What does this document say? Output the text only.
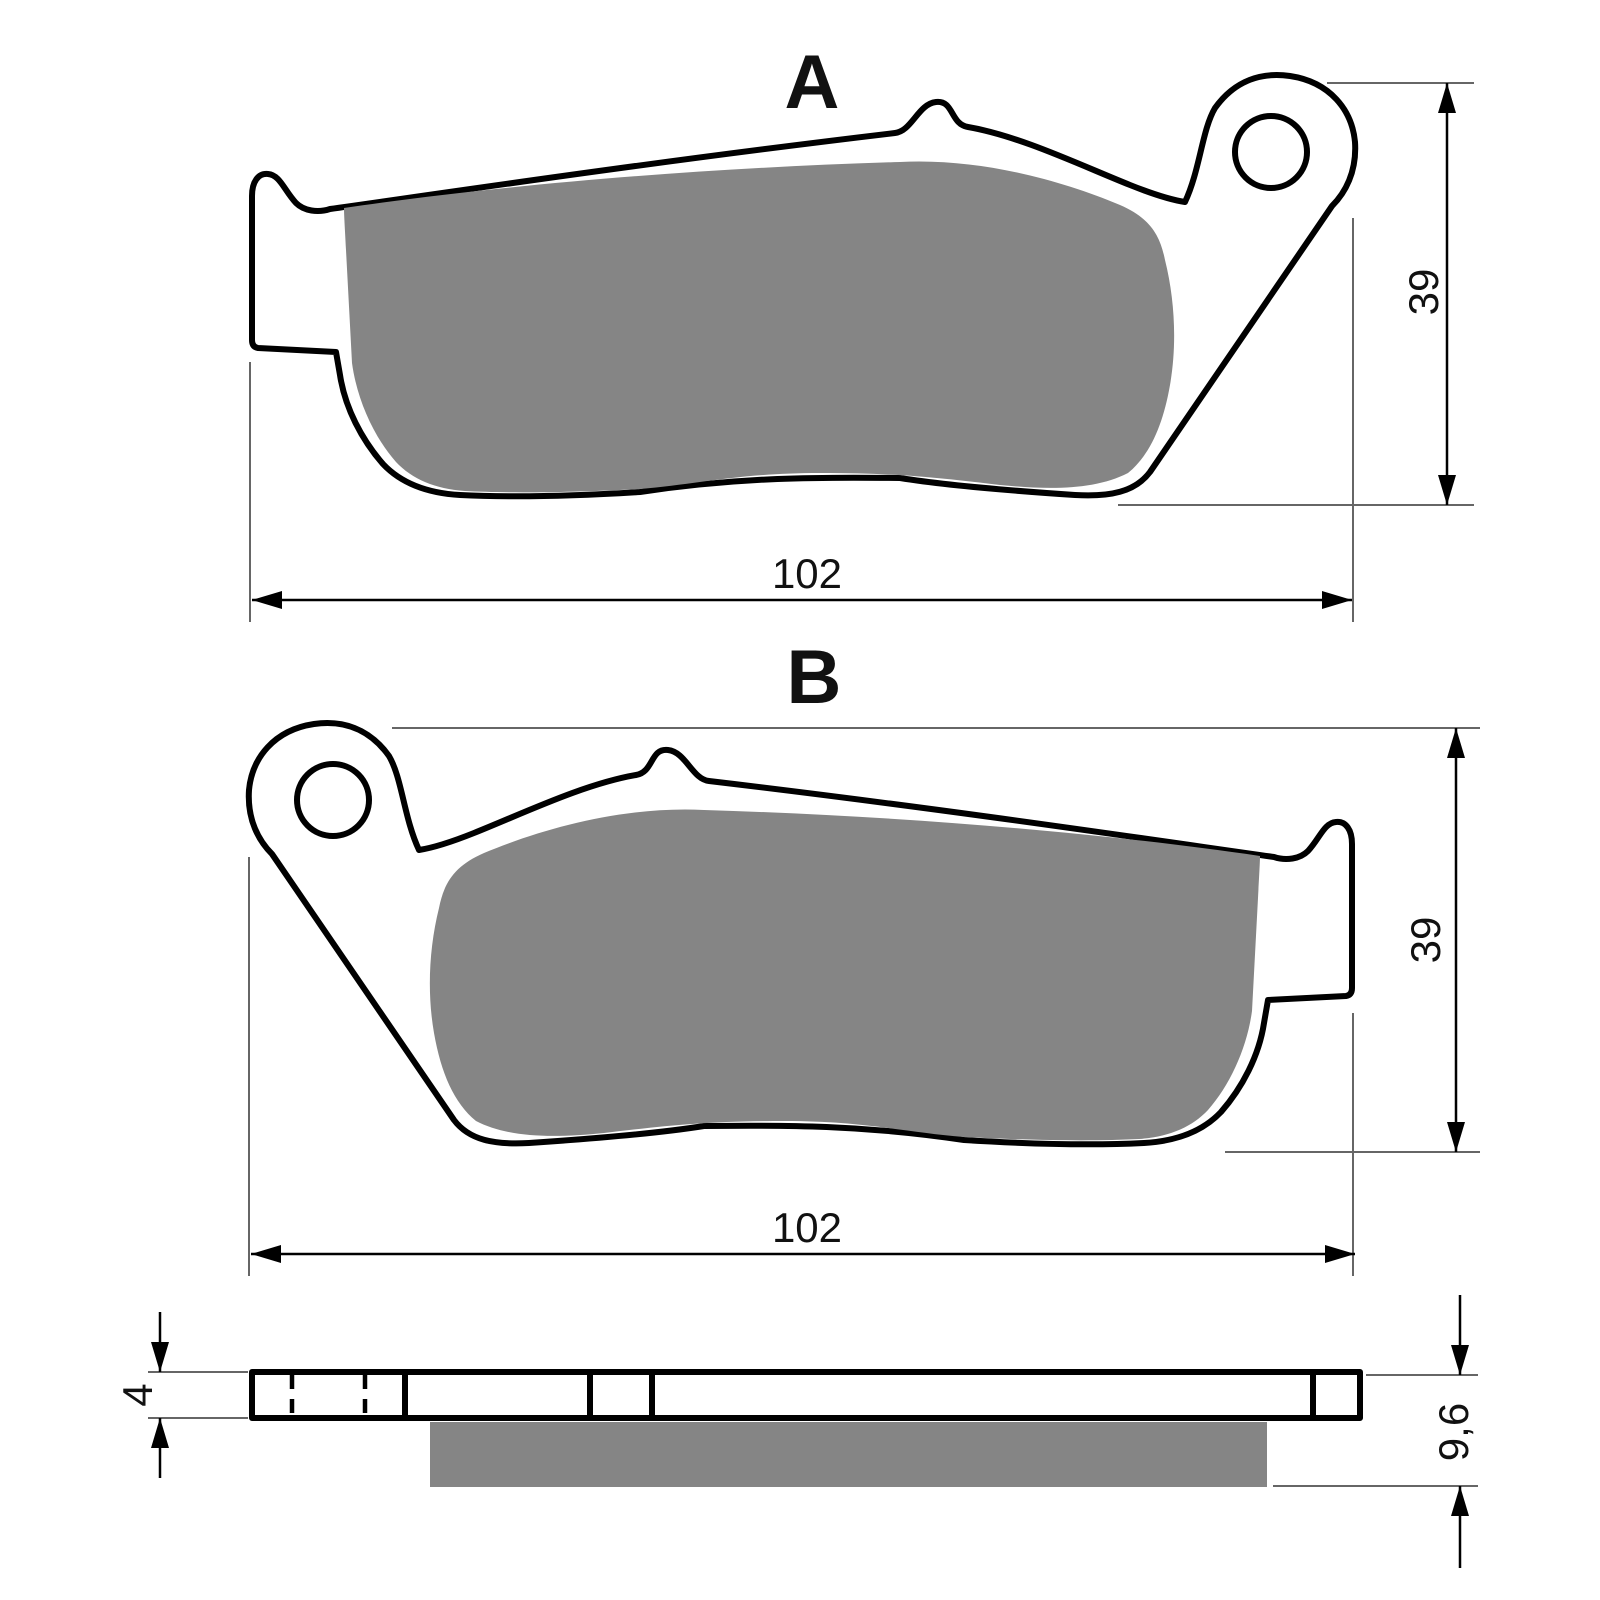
39
102
A
39
102
B
4
9,6
